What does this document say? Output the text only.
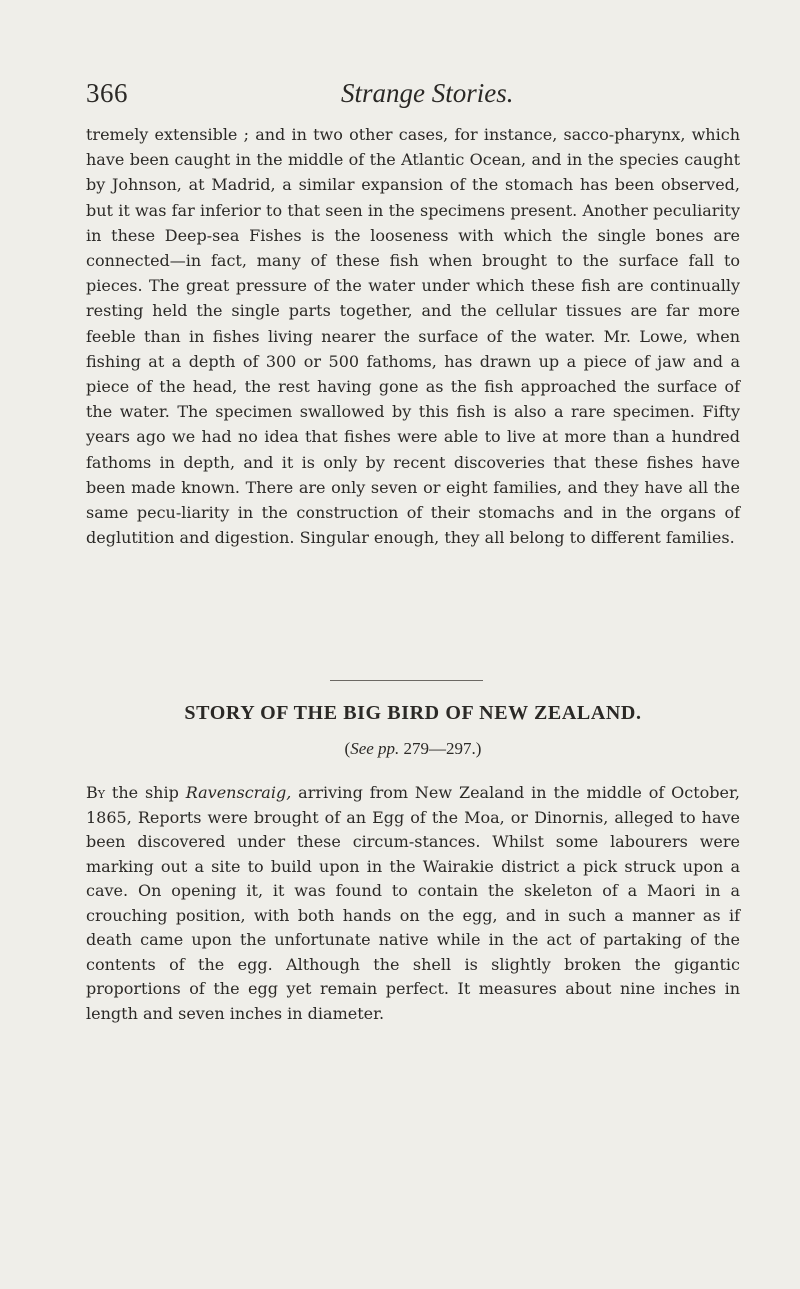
366	Strange Stories.

tremely extensible ; and in two other cases, for instance, sacco-pharynx, which have been caught in the middle of the Atlantic Ocean, and in the species caught by Johnson, at Madrid, a similar expansion of the stomach has been observed, but it was far inferior to that seen in the specimens present. Another peculiarity in these Deep-sea Fishes is the looseness with which the single bones are connected—in fact, many of these fish when brought to the surface fall to pieces. The great pressure of the water under which these fish are continually resting held the single parts together, and the cellular tissues are far more feeble than in fishes living nearer the surface of the water. Mr. Lowe, when fishing at a depth of 300 or 500 fathoms, has drawn up a piece of jaw and a piece of the head, the rest having gone as the fish approached the surface of the water. The specimen swallowed by this fish is also a rare specimen. Fifty years ago we had no idea that fishes were able to live at more than a hundred fathoms in depth, and it is only by recent discoveries that these fishes have been made known. There are only seven or eight families, and they have all the same pecu-liarity in the construction of their stomachs and in the organs of deglutition and digestion. Singular enough, they all belong to different families.

STORY OF THE BIG BIRD OF NEW ZEALAND.
(See pp. 279—297.)

By the ship Ravenscraig, arriving from New Zealand in the middle of October, 1865, Reports were brought of an Egg of the Moa, or Dinornis, alleged to have been discovered under these circum-stances. Whilst some labourers were marking out a site to build upon in the Wairakie district a pick struck upon a cave. On opening it, it was found to contain the skeleton of a Maori in a crouching position, with both hands on the egg, and in such a manner as if death came upon the unfortunate native while in the act of partaking of the contents of the egg. Although the shell is slightly broken the gigantic proportions of the egg yet remain perfect. It measures about nine inches in length and seven inches in diameter.
